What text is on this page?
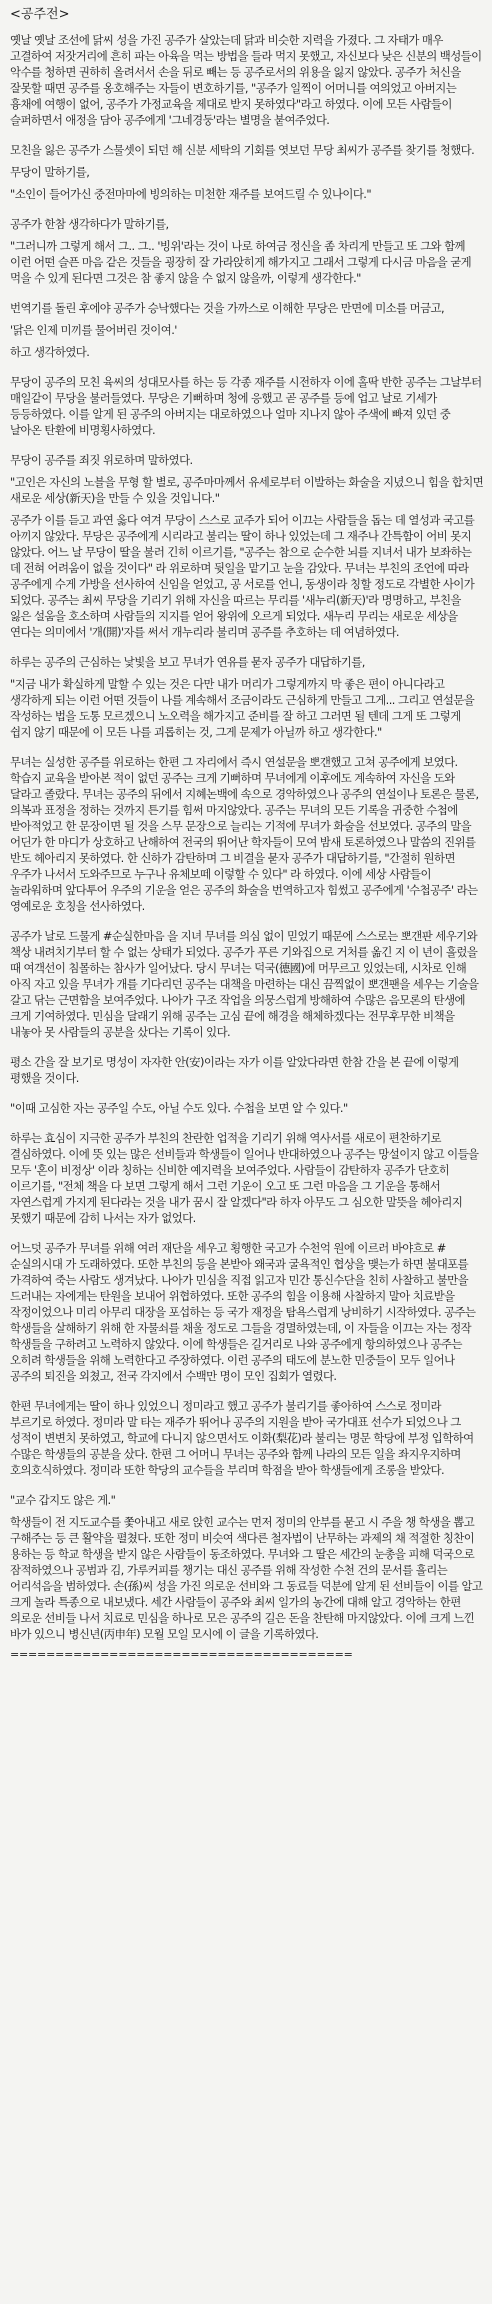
<공주전>

옛날 옛날 조선에 닭씨 성을 가진 공주가 살았는데 닭과 비슷한 지력을 가졌다. 그 자태가 매우 고결하여 저잣거리에 흔히 파는 아육을 먹는 방법을 들라 먹지 못했고, 자신보다 낮은 신분의 백성들이 악수를 청하면 권하히 올려서서 손을 뒤로 빼는 등 공주로서의 위용을 잃지 않았다. 공주가 처신을 잘못할 때면 공주를 옹호해주는 자들이 변호하기를, "공주가 일찍이 어머니를 여의었고 아버지는 흉채에 여행이 없어, 공주가 가정교육을 제대로 받지 못하였다"라고 하였다. 이에 모든 사람들이 슬퍼하면서 애정을 담아 공주에게 '그네경둥'라는 별명을 붙여주었다.

모친을 잃은 공주가 스물셋이 되던 해 신분 세탁의 기회를 엿보던 무당 최씨가 공주를 찾기를 청했다.

무당이 말하기를,

"소인이 들어가신 중전마마에 빙의하는 미천한 재주를 보여드릴 수 있나이다."

공주가 한참 생각하다가 말하기를,

"그러니까 그렇게 해서 그.. 그.. '빙위'라는 것이 나로 하여금 정신을 좀 차리게 만들고 또 그와 함께 이런 어떤 슬픈 마음 같은 것들을 굉장히 잘 가라앉히게 해가지고 그래서 그렇게 다시금 마음을 굳게 먹을 수 있게 된다면 그것은 참 좋지 않을 수 없지 않을까, 이렇게 생각한다."

번역기를 돌린 후에야 공주가 승낙했다는 것을 가까스로 이해한 무당은 만면에 미소를 머금고,

'닭은 인제 미끼를 물어버린 것이여.'

하고 생각하였다.

무당이 공주의 모친 육씨의 성대모사를 하는 등 각종 재주를 시전하자 이에 홀딱 반한 공주는 그날부터 매일같이 무당을 불러들였다. 무당은 기뻐하며 청에 응했고 곧 공주를 등에 업고 날로 기세가 등등하였다. 이를 알게 된 공주의 아버지는 대로하였으나 얼마 지나지 않아 주색에 빠져 있던 중 날아온 탄환에 비명횡사하였다.

무당이 공주를 죄짓 위로하며 말하였다.

"고인은 자신의 노블을 무형 할 별로, 공주마마께서 유세로부터 이발하는 화술을 지녔으니 힘을 합치면 새로운 세상(新天)을 만들 수 있을 것입니다."

공주가 이를 듣고 과연 옳다 여겨 무당이 스스로 교주가 되어 이끄는 사람들을 돕는 데 열성과 국고를 아끼지 않았다. 무당은 공주에게 시리라고 불리는 딸이 하나 있었는데 그 재주나 간특함이 어비 못지 않았다. 어느 날 무당이 딸을 불러 긴히 이르기를, "공주는 참으로 순수한 뇌를 지녀서 내가 보좌하는 데 전혀 어려움이 없을 것이다" 라 위로하며 뒷일을 맡기고 눈을 감았다. 무녀는 부친의 조언에 따라 공주에게 수게 가방을 선사하여 신임을 얻었고, 공 서로를 언니, 동생이라 칭할 정도로 각별한 사이가 되었다. 공주는 최씨 무당을 기리기 위해 자신을 따르는 무리를 '새누리(新天)'라 명명하고, 부친을 잃은 설움을 호소하며 사람들의 지지를 얻어 왕위에 오르게 되었다. 새누리 무리는 새로운 세상을 연다는 의미에서 '개(開)'자를 써서 개누리라 불리며 공주를 추호하는 데 여념하였다.

하루는 공주의 근심하는 낯빛을 보고 무녀가 연유를 묻자 공주가 대답하기를,

"지금 내가 확실하게 말할 수 있는 것은 다만 내가 머리가 그렇게까지 막 좋은 편이 아니다라고 생각하게 되는 이런 어떤 것들이 나를 계속해서 조금이라도 근심하게 만들고 그게... 그리고 연설문을 작성하는 법을 도통 모르겠으니 노오력을 해가지고 준비를 잘 하고 그러면 될 텐데 그게 또 그렇게 쉽지 않기 때문에 이 모든 나를 괴롭히는 것, 그게 문제가 아닐까 하고 생각한다."

무녀는 실성한 공주를 위로하는 한편 그 자리에서 즉시 연설문을 뽀갠했고 고쳐 공주에게 보였다. 학습지 교육을 받아본 적이 없던 공주는 크게 기뻐하며 무녀에게 이후에도 계속하여 자신을 도와 달라고 졸랐다. 무녀는 공주의 뒤에서 지혜논백에 속으로 경악하였으나 공주의 연설이나 토론은 물론, 의복과 표정을 정하는 것까지 튼기를 힘써 마지않았다. 공주는 무녀의 모든 기록을 귀중한 수첩에 받아적었고 한 문장이면 될 것을 스무 문장으로 늘리는 기적에 무녀가 화술을 선보였다. 공주의 말을 어딘가 한 마디가 상호하고 난해하여 전국의 뛰어난 학자들이 모여 밤새 토론하였으나 말씀의 진위를 반도 헤아리지 못하였다. 한 신하가 감탄하며 그 비결을 묻자 공주가 대답하기를, "간절히 원하면 우주가 나서서 도와주므로 누구나 유체보떼 이렇할 수 있다" 라 하였다. 이에 세상 사람들이 놀라워하며 앞다투어 우주의 기운을 얻은 공주의 화술을 번역하고자 힘썼고 공주에게 '수첩공주' 라는 영예로운 호칭을 선사하였다.

공주가 날로 드물게 #순실한마음 을 지녀 무녀를 의심 없이 믿었기 때문에 스스로는 뽀갠판 세우기와 책상 내려치기부터 할 수 없는 상태가 되었다. 공주가 푸른 기와집으로 거처를 옮긴 지 이 년이 흘렀을 때 여객선이 침몰하는 참사가 일어났다. 당시 무녀는 덕국(德國)에 머무르고 있었는데, 시차로 인해 아직 자고 있을 무녀가 개를 기다리던 공주는 대책을 마련하는 대신 끔찍없이 뽀갠팬을 세우는 기술을 갈고 닦는 근면함을 보여주었다. 나아가 구조 작업을 의뭉스럽게 방해하여 수많은 음모론의 탄생에 크게 기여하였다. 민심을 달래기 위해 공주는 고심 끝에 해경을 해체하겠다는 전무후무한 비책을 내놓아 못 사람들의 공분을 샀다는 기록이 있다.

평소 간을 잘 보기로 명성이 자자한 안(安)이라는 자가 이를 알았다라면 한참 간을 본 끝에 이렇게 평했을 것이다.

"이때 고심한 자는 공주일 수도, 아닐 수도 있다. 수첩을 보면 알 수 있다."

하루는 효심이 지극한 공주가 부친의 찬란한 업적을 기리기 위해 역사서를 새로이 편찬하기로 결심하였다. 이에 뜻 있는 많은 선비들과 학생들이 일어나 반대하였으나 공주는 망설이지 않고 이들을 모두 '혼이 비정상' 이라 칭하는 신비한 예지력을 보여주었다. 사람들이 감탄하자 공주가 단호히 이르기를, "전체 책을 다 보면 그렇게 해서 그런 기운이 오고 또 그런 마음을 그 기운을 통해서 자연스럽게 가지게 된다라는 것을 내가 꿈시 잘 알겠다"라 하자 아무도 그 심오한 말뜻을 헤아리지 못했기 때문에 감히 나서는 자가 없었다.

어느덧 공주가 무녀를 위해 여러 재단을 세우고 횡행한 국고가 수천억 원에 이르러 바야흐로 #순실의시대 가 도래하였다. 또한 부친의 등을 본받아 왜국과 굴욕적인 협상을 맺는가 하면 불대포를 가격하여 죽는 사람도 생겨났다. 나아가 민심을 직접 읽고자 민간 통신수단을 친히 사찰하고 불만을 드러내는 자에게는 탄원을 보내어 위협하였다. 또한 공주의 힘을 이용해 사찰하지 말아 치료받을 작정이었으나 미리 아무리 대장을 포섭하는 등 국가 재정을 탐욕스럽게 낭비하기 시작하였다. 공주는 학생들을 살해하기 위해 한 자물쇠를 채울 정도로 그들을 경멸하였는데, 이 자들을 이끄는 자는 정작 학생들을 구하려고 노력하지 않았다. 이에 학생들은 길거리로 나와 공주에게 항의하였으나 공주는 오히려 학생들을 위해 노력한다고 주장하였다. 이런 공주의 태도에 분노한 민중들이 모두 일어나 공주의 퇴진을 외쳤고, 전국 각지에서 수백만 명이 모인 집회가 열렸다.

한편 무녀에게는 딸이 하나 있었으니 정미라고 했고 공주가 불리기를 좋아하여 스스로 정미라 부르기로 하였다. 정미라 말 타는 재주가 뛰어나 공주의 지원을 받아 국가대표 선수가 되었으나 그 성적이 변변치 못하였고, 학교에 다니지 않으면서도 이화(梨花)라 불리는 명문 학당에 부정 입학하여 수많은 학생들의 공분을 샀다. 한편 그 어머니 무녀는 공주와 함께 나라의 모든 일을 좌지우지하며 호의호식하였다. 정미라 또한 학당의 교수들을 부리며 학점을 받아 학생들에게 조롱을 받았다.

"교수 갑지도 않은 게."

학생들이 전 지도교수를 쫓아내고 새로 앉힌 교수는 먼저 정미의 안부를 묻고 시 주을 챙 학생을 뽑고 구해주는 등 큰 활약을 펼쳤다. 또한 정미 비슷여 색다른 철자법이 난무하는 과제의 채 적절한 칭찬이 용하는 등 학교 학생을 받지 않은 사람들이 동조하였다. 무녀와 그 딸은 세간의 눈총을 피해 덕국으로 잠적하였으나 공범과 김, 가루커피를 챙기는 대신 공주를 위해 작성한 수천 건의 문서를 흘리는 어리석음을 범하였다. 손(孫)씨 성을 가진 의로운 선비와 그 동료들 덕분에 알게 된 선비들이 이를 알고 크게 놀라 특종으로 내보냈다. 세간 사람들이 공주와 최씨 일가의 농간에 대해 알고 경악하는 한편 의로운 선비들 나서 치료로 민심을 하나로 모은 공주의 길은 돈을 찬탄해 마지않았다. 이에 크게 느낀 바가 있으니 병신년(丙申年) 모월 모일 모시에 이 글을 기록하였다.

======================================
